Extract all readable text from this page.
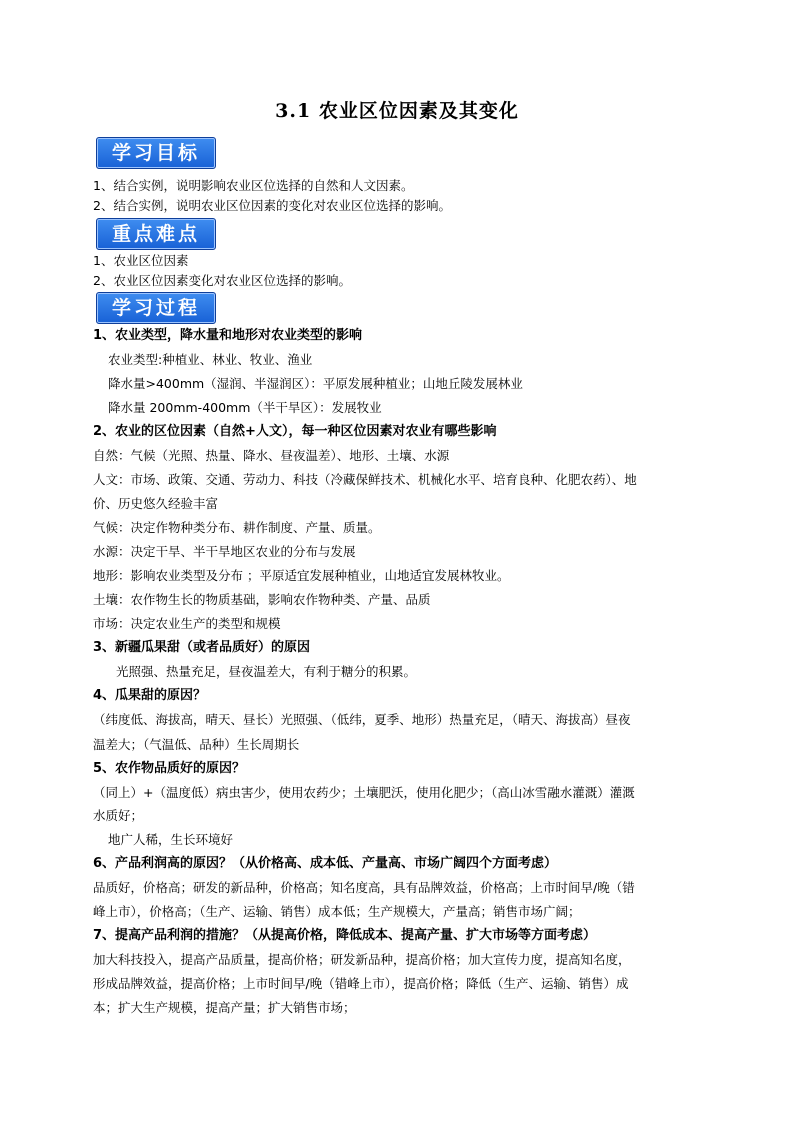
3.1 农业区位因素及其变化
学习目标
1、结合实例，说明影响农业区位选择的自然和人文因素。
2、结合实例，说明农业区位因素的变化对农业区位选择的影响。
重点难点
1、农业区位因素
2、农业区位因素变化对农业区位选择的影响。
学习过程
1、农业类型，降水量和地形对农业类型的影响
农业类型:种植业、林业、牧业、渔业
降水量>400mm（湿润、半湿润区）：平原发展种植业；山地丘陵发展林业
降水量 200mm-400mm（半干旱区）：发展牧业
2、农业的区位因素（自然+人文），每一种区位因素对农业有哪些影响
自然：气候（光照、热量、降水、昼夜温差）、地形、土壤、水源
人文：市场、政策、交通、劳动力、科技（冷藏保鲜技术、机械化水平、培育良种、化肥农药）、地
价、历史悠久经验丰富
气候：决定作物种类分布、耕作制度、产量、质量。
水源：决定干旱、半干旱地区农业的分布与发展
地形：影响农业类型及分布 ；平原适宜发展种植业，山地适宜发展林牧业。
土壤：农作物生长的物质基础，影响农作物种类、产量、品质
市场：决定农业生产的类型和规模
3、新疆瓜果甜（或者品质好）的原因
光照强、热量充足，昼夜温差大，有利于糖分的积累。
4、瓜果甜的原因？
（纬度低、海拔高，晴天、昼长）光照强、（低纬，夏季、地形）热量充足，（晴天、海拔高）昼夜
温差大；（气温低、品种）生长周期长
5、农作物品质好的原因？
（同上）+（温度低）病虫害少，使用农药少；土壤肥沃，使用化肥少；（高山冰雪融水灌溉）灌溉
水质好；
地广人稀，生长环境好
6、产品利润高的原因？（从价格高、成本低、产量高、市场广阔四个方面考虑）
品质好，价格高；研发的新品种，价格高；知名度高，具有品牌效益，价格高；上市时间早/晚（错
峰上市），价格高；（生产、运输、销售）成本低；生产规模大，产量高；销售市场广阔；
7、提高产品利润的措施？（从提高价格，降低成本、提高产量、扩大市场等方面考虑）
加大科技投入，提高产品质量，提高价格；研发新品种，提高价格；加大宣传力度，提高知名度，
形成品牌效益，提高价格；上市时间早/晚（错峰上市），提高价格；降低（生产、运输、销售）成
本；扩大生产规模，提高产量；扩大销售市场；
